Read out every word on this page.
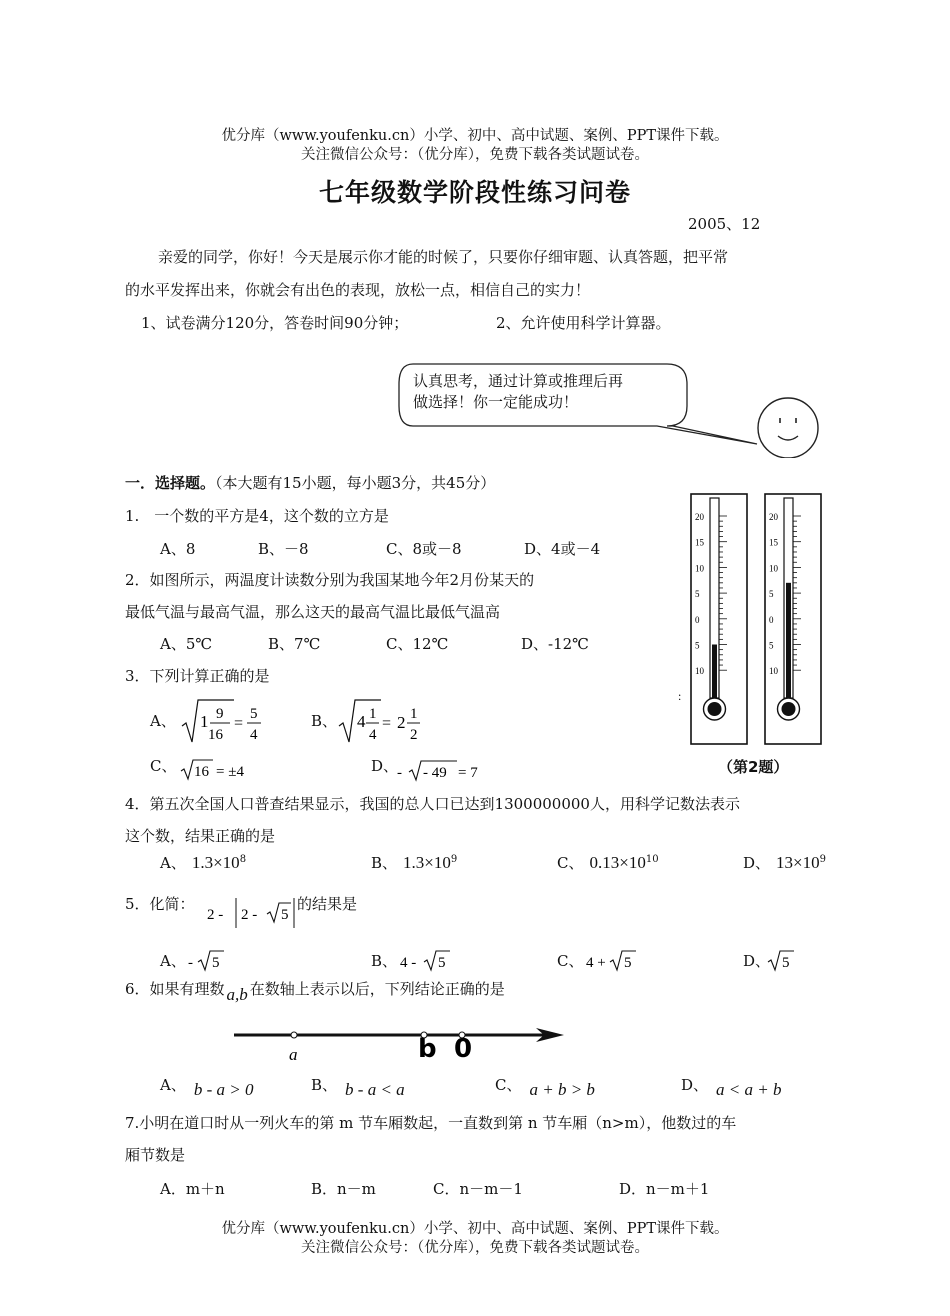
优分库（www.youfenku.cn）小学、初中、高中试题、案例、PPT课件下载。
关注微信公众号：（优分库），免费下载各类试题试卷。
七年级数学阶段性练习问卷
2005、12
亲爱的同学，你好！今天是展示你才能的时候了，只要你仔细审题、认真答题，把平常
的水平发挥出来，你就会有出色的表现，放松一点，相信自己的实力！
1、试卷满分120分，答卷时间90分钟；	2、允许使用科学计算器。
认真思考，通过计算或推理后再
做选择！你一定能成功！
一．选择题。（本大题有15小题，每小题3分，共45分）
1.　一个数的平方是4，这个数的立方是
A、8	B、－8	C、8或－8	D、4或－4
2．如图所示，两温度计读数分别为我国某地今年2月份某天的
最低气温与最高气温，那么这天的最高气温比最低气温高
A、5℃	B、7℃	C、12℃	D、-12℃
20
15
10
5
0
5
10
20
15
10
5
0
5
10
:
（第2题）
3．下列计算正确的是
A、 1 9
16
=
5
4
B、 4 1
4
= 2 1
2
C、 16 = ±4	D、
- - 49 = 7
4．第五次全国人口普查结果显示，我国的总人口已达到1300000000人，用科学记数法表示
这个数，结果正确的是
A、 $1.3\times 10^8$	B、 $1.3\times 10^9$	C、 $0.13\times 10^{10}$	D、 $13\times 10^9$
5．化简：
2 - 2 - 5
的结果是
A、 - 5	B、 4 - 5	C、 4 + 5	D、 5
6．如果有理数 a,b 在数轴上表示以后，下列结论正确的是
a	b 0
A、 b - a > 0	B、 b - a < a	C、 a + b > b	D、 a < a + b
7.小明在道口时从一列火车的第 m 节车厢数起，一直数到第 n 节车厢（n>m），他数过的车
厢节数是
A．m＋n	B．n－m	C．n－m－1	D．n－m＋1
优分库（www.youfenku.cn）小学、初中、高中试题、案例、PPT课件下载。
关注微信公众号：（优分库），免费下载各类试题试卷。
